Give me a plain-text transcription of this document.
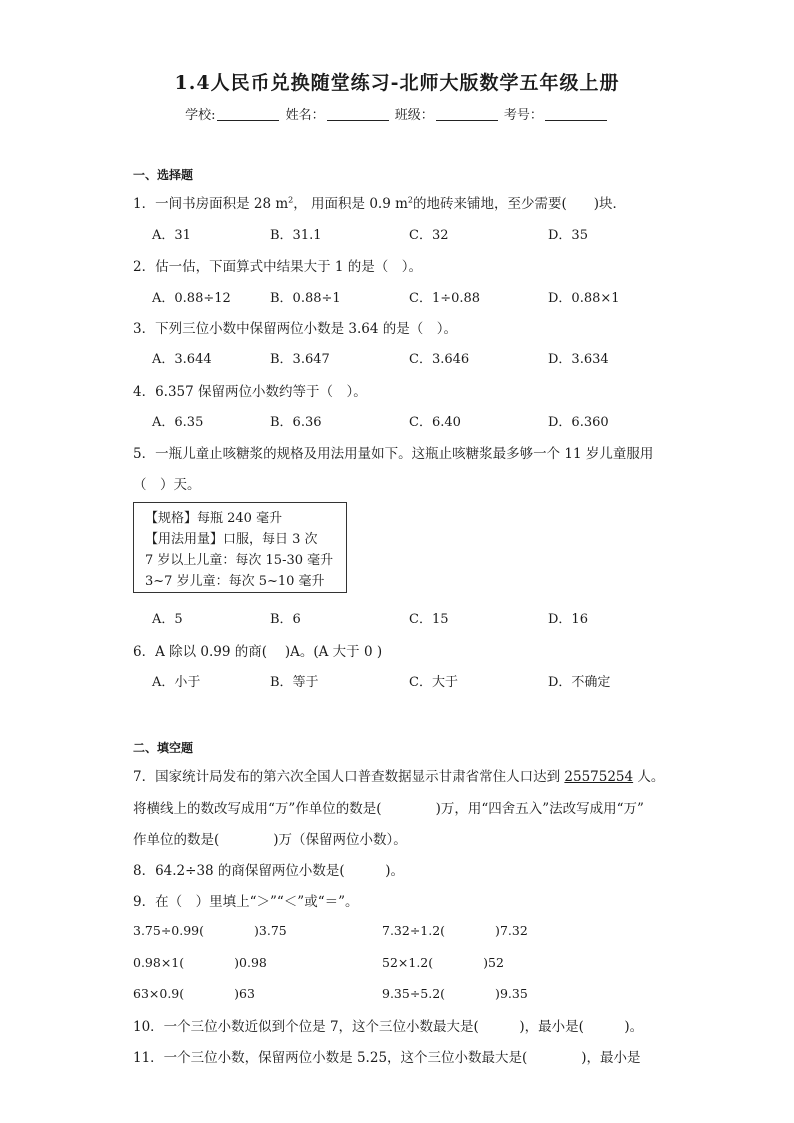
1.4人民币兑换随堂练习-北师大版数学五年级上册
学校:	姓名：	班级：	考号：
一、选择题
1．一间书房面积是 28 $m^2$， 用面积是 0.9 $m^2$的地砖来铺地，至少需要(　　)块．
A．31	B．31.1	C．32	D．35
2．估一估，下面算式中结果大于 1 的是（　）。
A．0.88÷12	B．0.88÷1	C．1÷0.88	D．0.88×1
3．下列三位小数中保留两位小数是 3.64 的是（　）。
A．3.644	B．3.647	C．3.646	D．3.634
4．6.357 保留两位小数约等于（　）。
A．6.35	B．6.36	C．6.40	D．6.360
5．一瓶儿童止咳糖浆的规格及用法用量如下。这瓶止咳糖浆最多够一个 11 岁儿童服用
（　）天。
【规格】每瓶 240 毫升
【用法用量】口服，每日 3 次
7 岁以上儿童：每次 15-30 毫升
3~7 岁儿童：每次 5~10 毫升
A．5	B．6	C．15	D．16
6．A 除以 0.99 的商(　 )A。(A 大于 0 )
A．小于	B．等于	C．大于	D．不确定
二、填空题
7．国家统计局发布的第六次全国人口普查数据显示甘肃省常住人口达到 25575254 人。
将横线上的数改写成用“万”作单位的数是(　　　　)万，用“四舍五入”法改写成用“万”
作单位的数是(　　　　)万（保留两位小数）。
8．64.2÷38 的商保留两位小数是(　　　)。
9．在（　）里填上“＞”“＜”或“＝”。
3.75÷0.99(　　　　)3.75	7.32÷1.2(　　　　)7.32
0.98×1(　　　　)0.98	52×1.2(　　　　)52
63×0.9(　　　　)63	9.35÷5.2(　　　　)9.35
10．一个三位小数近似到个位是 7，这个三位小数最大是(　　　)，最小是(　　　)。
11．一个三位小数，保留两位小数是 5.25，这个三位小数最大是(　　　　)，最小是
